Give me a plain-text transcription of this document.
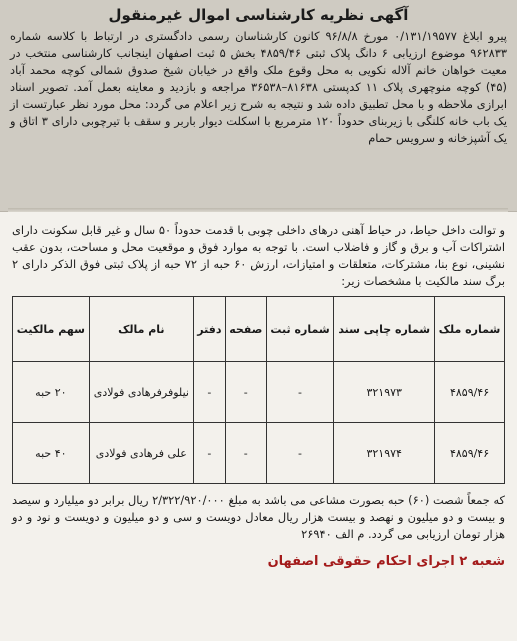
آگهی نظریه کارشناسی اموال غیرمنقول

پیرو ابلاغ ۰/۱۳۱/۱۹۵۷۷ مورخ ۹۶/۸/۸ کانون کارشناسان رسمی دادگستری در ارتباط با کلاسه شماره ۹۶۲۸۳۳ موضوع ارزیابی ۶ دانگ پلاک ثبتی ۴۸۵۹/۴۶ بخش ۵ ثبت اصفهان اینجانب کارشناسی منتخب در معیت خواهان خانم آلاله نکویی به محل وقوع ملک واقع در خیابان شیخ صدوق شمالی کوچه محمد آباد (۴۵) کوچه منوچهری پلاک ۱۱ کدپستی ۸۱۶۳۸–۳۶۵۳۸ مراجعه و بازدید و معاینه بعمل آمد. تصویر اسناد ابرازی ملاحظه و با محل تطبیق داده شد و نتیجه به شرح زیر اعلام می گردد: محل مورد نظر عبارتست از یک باب خانه کلنگی با زیربنای حدوداً ۱۲۰ مترمربع با اسکلت دیوار باربر و سقف با تیرچوبی دارای ۳ اتاق و یک آشپزخانه و سرویس حمام

و توالت داخل حیاط، در حیاط آهنی درهای داخلی چوبی با قدمت حدوداً ۵۰ سال و غیر قابل سکونت دارای اشتراکات آب و برق و گاز و فاضلاب است. با توجه به موارد فوق و موقعیت محل و مساحت، بدون عقب نشینی، نوع بنا، مشترکات، متعلقات و امتیازات، ارزش ۶۰ حبه از ۷۲ حبه از پلاک ثبتی فوق الذکر دارای ۲ برگ سند مالکیت با مشخصات زیر:

شماره ملک	شماره چاپی سند	شماره ثبت	صفحه	دفتر	نام مالک	سهم مالکیت
۴۸۵۹/۴۶	۳۲۱۹۷۳	-	-	-	نیلوفرفرهادی فولادی	۲۰ حبه
۴۸۵۹/۴۶	۳۲۱۹۷۴	-	-	-	علی فرهادی فولادی	۴۰ حبه

که جمعاً شصت (۶۰) حبه بصورت مشاعی می باشد به مبلغ ۲/۳۲۲/۹۲۰/۰۰۰ ریال برابر دو میلیارد و سیصد و بیست و دو میلیون و نهصد و بیست هزار ریال معادل دویست و سی و دو میلیون و دویست و نود و دو هزار تومان ارزیابی می گردد. م الف ۲۶۹۴۰

شعبه ۲ اجرای احکام حقوقی اصفهان
